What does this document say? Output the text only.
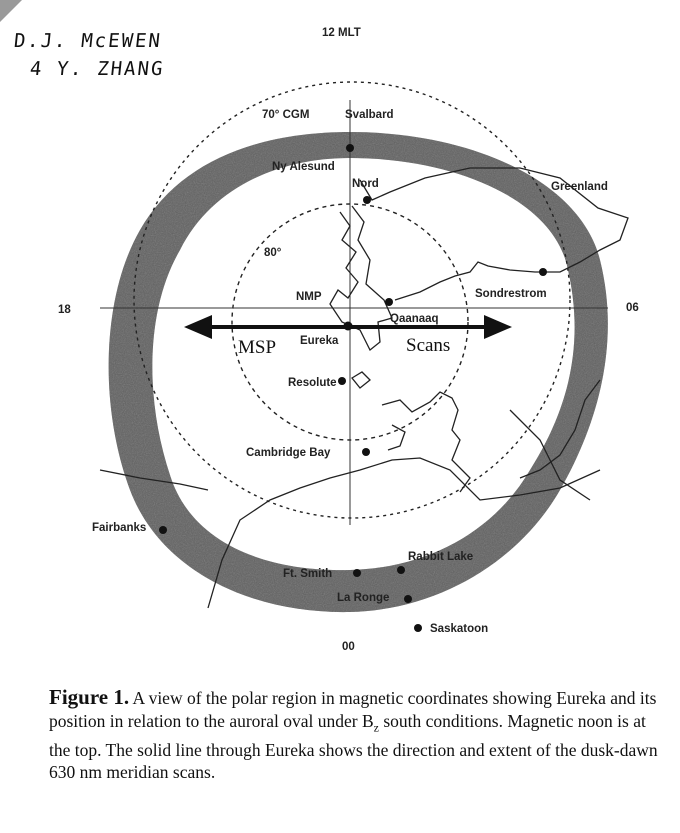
D.J. McEWEN
4 Y. ZHANG
12 MLT
18	06
00
70° CGM
80°
NMP
Svalbard
Ny Alesund
Nord	Greenland
Sondrestrom
Qaanaaq
Eureka
Resolute
Cambridge Bay
Fairbanks
Ft. Smith
Rabbit Lake
La Ronge
Saskatoon
MSP	Scans
Figure 1. A view of the polar region in magnetic coordinates showing Eureka and its position in relation to the auroral oval under $B_z$ south conditions. Magnetic noon is at the top. The solid line through Eureka shows the direction and extent of the dusk-dawn 630 nm meridian scans.
